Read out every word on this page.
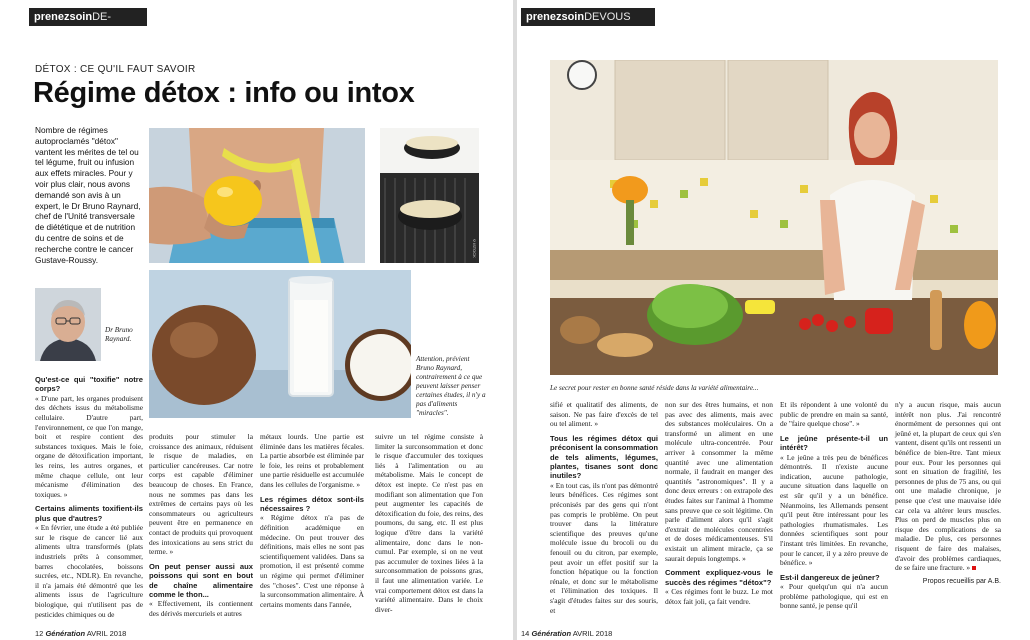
prenezsoinDE-
DÉTOX : CE QU'IL FAUT SAVOIR
Régime détox : info ou intox

Nombre de régimes autoproclamés "détox" vantent les mérites de tel ou tel légume, fruit ou infusion aux effets miracles. Pour y voir plus clair, nous avons demandé son avis à un expert, le Dr Bruno Raynard, chef de l'Unité transversale de diététique et de nutrition du centre de soins et de recherche contre le cancer Gustave-Roussy.

©ISTOCK

Dr Bruno Raynard.

Attention, prévient Bruno Raynard, contrairement à ce que peuvent laisser penser certaines études, il n'y a pas d'aliments "miracles".

Qu'est-ce qui "toxifie" notre corps?

« D'une part, les organes produisent des déchets issus du métabolisme cellulaire. D'autre part, l'environnement, ce que l'on mange, boit et respire contient des substances toxiques. Mais le foie, organe de détoxification important, les reins, les autres organes, et même chaque cellule, ont leur mécanisme d'élimination des toxiques. »

Certains aliments toxifient-ils plus que d'autres?

« En février, une étude a été publiée sur le risque de cancer lié aux aliments ultra transformés (plats industriels prêts à consommer, barres chocolatées, boissons sucrées, etc., NDLR). En revanche, il n'a jamais été démontré que les aliments issus de l'agriculture biologique, qui n'utilisent pas de pesticides chimiques ou de

produits pour stimuler la croissance des animaux, réduisent le risque de maladies, en particulier cancéreuses. Car notre corps est capable d'éliminer beaucoup de choses. En France, nous ne sommes pas dans les extrêmes de certains pays où les consommateurs ou agriculteurs peuvent être en permanence en contact de produits qui provoquent des intoxications au sens strict du terme. »

On peut penser aussi aux poissons qui sont en bout de chaîne alimentaire comme le thon...

« Effectivement, ils contiennent des dérivés mercuriels et autres

métaux lourds. Une partie est éliminée dans les matières fécales. La partie absorbée est éliminée par le foie, les reins et probablement une partie résiduelle est accumulée dans les cellules de l'organisme. »

Les régimes détox sont-ils nécessaires ?

« Régime détox n'a pas de définition académique en médecine. On peut trouver des définitions, mais elles ne sont pas scientifiquement validées. Dans sa promotion, il est présenté comme un régime qui permet d'éliminer des "choses". C'est une réponse à la surconsommation alimentaire. À certains moments dans l'année,

suivre un tel régime consiste à limiter la surconsommation et donc le risque d'accumuler des toxiques liés à l'alimentation ou au métabolisme. Mais le concept de détox est inepte. Ce n'est pas en modifiant son alimentation que l'on peut augmenter les capacités de détoxification du foie, des reins, des poumons, du sang, etc. Il est plus logique d'être dans la variété alimentaire, donc dans le non-cumul. Par exemple, si on ne veut pas accumuler de toxines liées à la surconsommation de poissons gras, il faut une alimentation variée. Le vrai comportement détox est dans la variété alimentaire. Dans le choix diver-

12 Génération AVRIL 2018
prenezsoinDEVOUS

Le secret pour rester en bonne santé réside dans la variété alimentaire...

sifié et qualitatif des aliments, de saison. Ne pas faire d'excès de tel ou tel aliment. »

Tous les régimes détox qui préconisent la consommation de tels aliments, légumes, plantes, tisanes sont donc inutiles?

« En tout cas, ils n'ont pas démontré leurs bénéfices. Ces régimes sont préconisés par des gens qui n'ont pas compris le problème. On peut trouver dans la littérature scientifique des preuves qu'une molécule issue du brocoli ou du fenouil ou du citron, par exemple, peut avoir un effet positif sur la fonction hépatique ou la fonction rénale, et donc sur le métabolisme et l'élimination des toxiques. Il s'agit d'études faites sur des souris, et

non sur des êtres humains, et non pas avec des aliments, mais avec des substances moléculaires. On a transformé un aliment en une molécule ultra-concentrée. Pour arriver à consommer la même quantité avec une alimentation normale, il faudrait en manger des quantités "astronomiques". Il y a donc deux erreurs : on extrapole des études faites sur l'animal à l'homme sans preuve que ce soit légitime. On parle d'aliment alors qu'il s'agit d'extrait de molécules concentrées et de doses médicamenteuses. S'il existait un aliment miracle, ça se saurait depuis longtemps. »

Comment expliquez-vous le succès des régimes "détox"?

« Ces régimes font le buzz. Le mot détox fait joli, ça fait vendre.

Et ils répondent à une volonté du public de prendre en main sa santé, de "faire quelque chose". »

Le jeûne présente-t-il un intérêt?

« Le jeûne a très peu de bénéfices démontrés. Il n'existe aucune indication, aucune pathologie, aucune situation dans laquelle on est sûr qu'il y a un bénéfice. Néanmoins, les Allemands pensent qu'il peut être intéressant pour les pathologies rhumatismales. Les données scientifiques sont pour l'instant très limitées. En revanche, pour le cancer, il y a zéro preuve de bénéfice. »

Est-il dangereux de jeûner?

« Pour quelqu'un qui n'a aucun problème pathologique, qui est en bonne santé, je pense qu'il

n'y a aucun risque, mais aucun intérêt non plus. J'ai rencontré énormément de personnes qui ont jeûné et, la plupart de ceux qui s'en vantent, disent qu'ils ont ressenti un bénéfice de bien-être. Tant mieux pour eux. Pour les personnes qui sont en situation de fragilité, les personnes de plus de 75 ans, ou qui ont une maladie chronique, je pense que c'est une mauvaise idée car cela va altérer leurs muscles. Plus on perd de muscles plus on risque des complications de sa maladie. De plus, ces personnes risquent de faire des malaises, d'avoir des problèmes cardiaques, de se faire une fracture. »

Propos recueillis par A.B.
14 Génération AVRIL 2018
